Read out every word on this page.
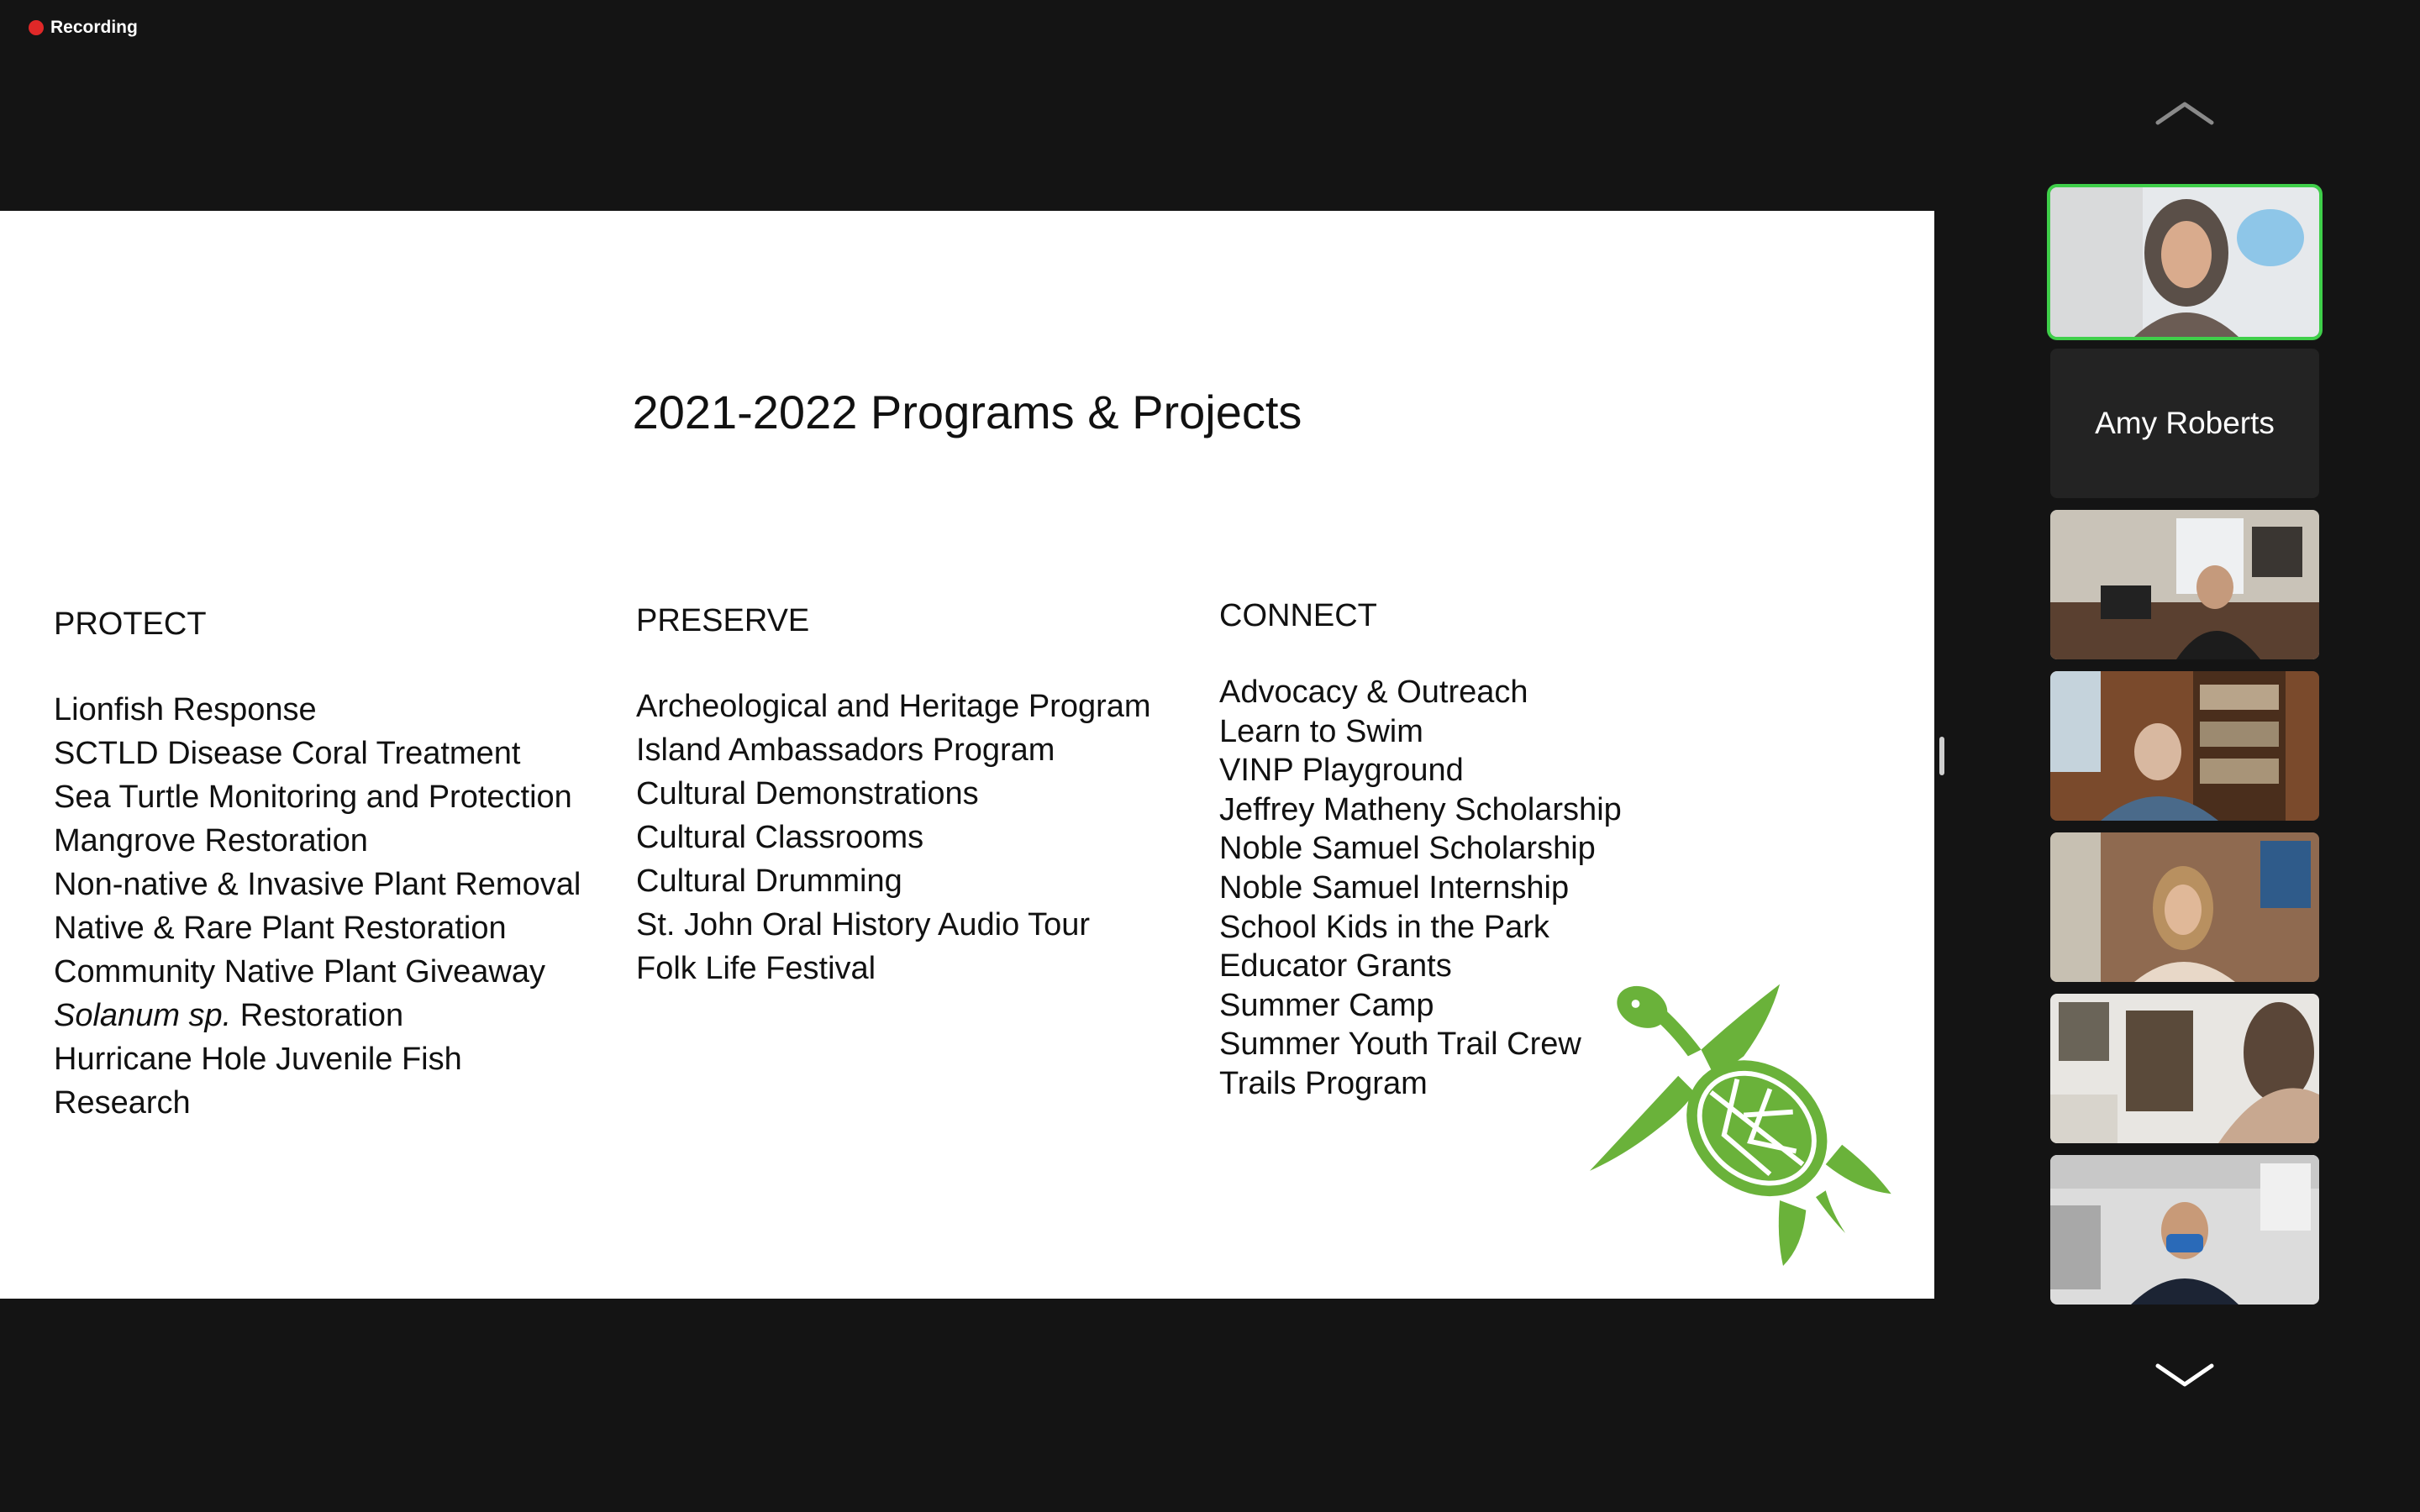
Recording
2021-2022 Programs & Projects
PROTECT
Lionfish Response
SCTLD Disease Coral Treatment
Sea Turtle Monitoring and Protection
Mangrove Restoration
Non-native & Invasive Plant Removal
Native & Rare Plant Restoration
Community Native Plant Giveaway
Solanum sp. Restoration
Hurricane Hole Juvenile Fish
Research
PRESERVE
Archeological and Heritage Program
Island Ambassadors Program
Cultural Demonstrations
Cultural Classrooms
Cultural Drumming
St. John Oral History Audio Tour
Folk Life Festival
CONNECT
Advocacy & Outreach
Learn to Swim
VINP Playground
Jeffrey Matheny Scholarship
Noble Samuel Scholarship
Noble Samuel Internship
School Kids in the Park
Educator Grants
Summer Camp
Summer Youth Trail Crew
Trails Program
Amy Roberts
